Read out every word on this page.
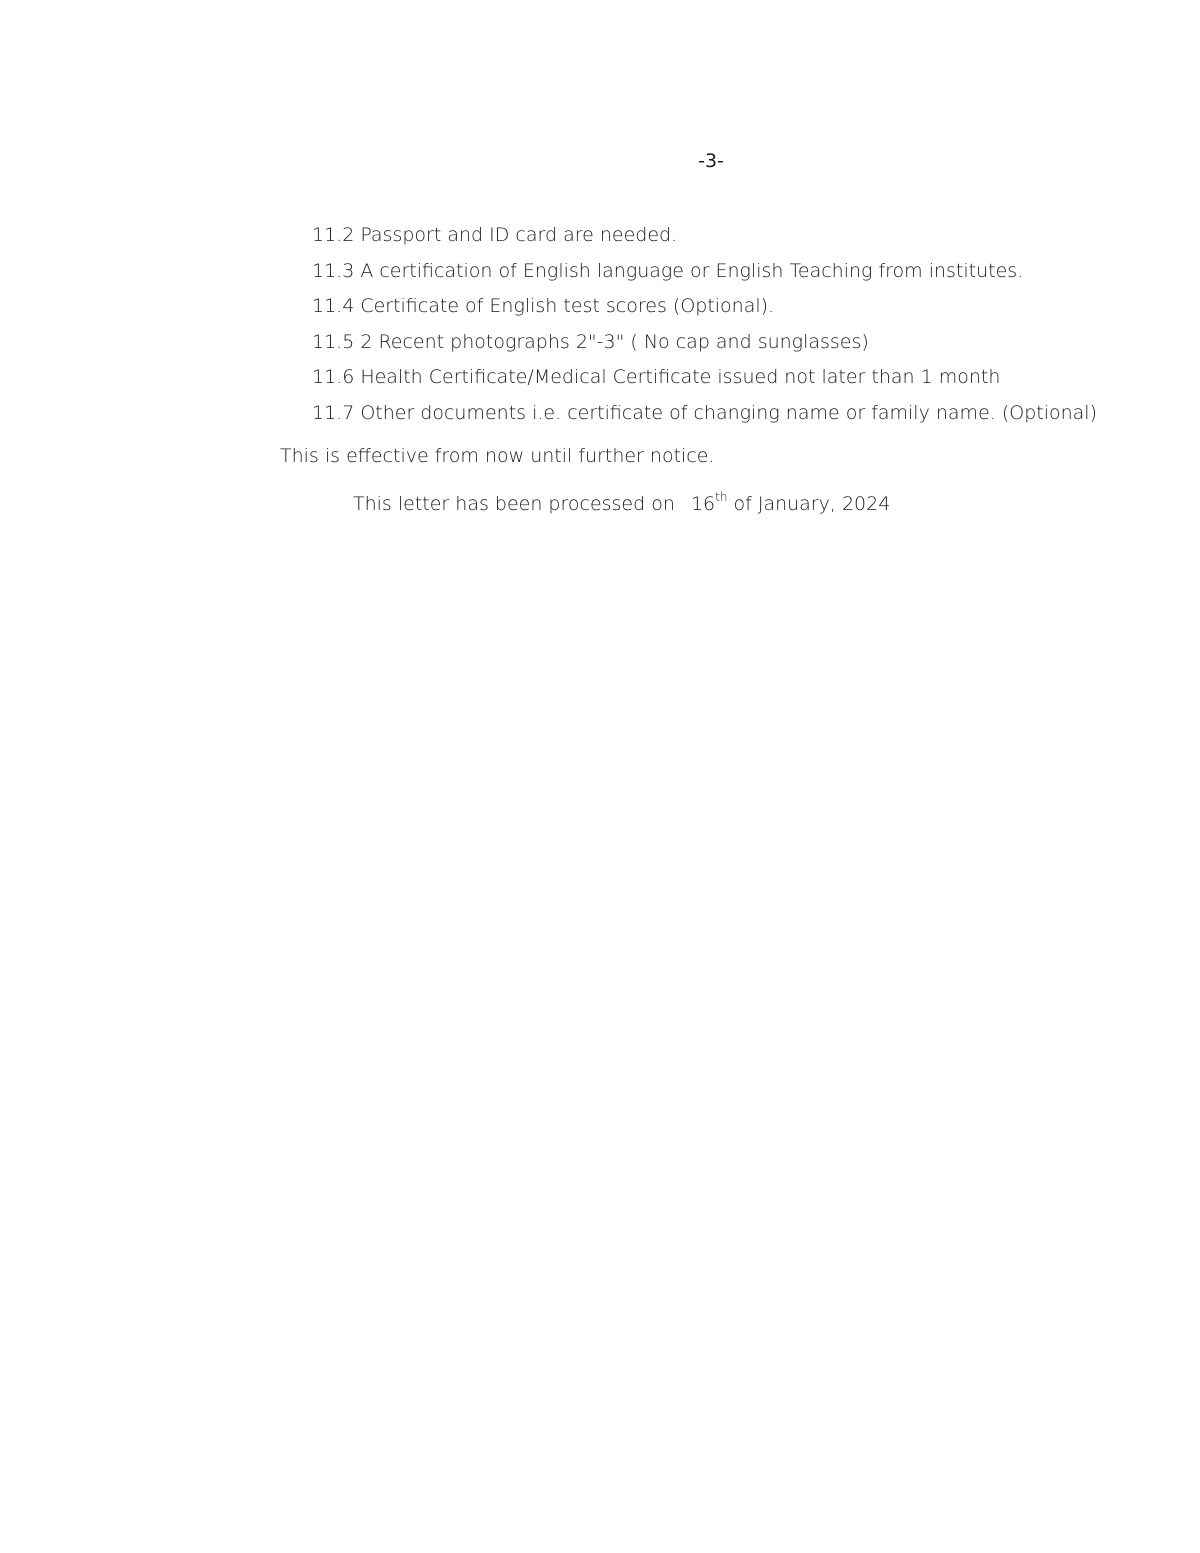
-3-
11.2 Passport and ID card are needed.
11.3 A certification of English language or English Teaching from institutes.
11.4 Certificate of English test scores (Optional).
11.5 2 Recent photographs 2"-3" ( No cap and sunglasses)
11.6 Health Certificate/Medical Certificate issued not later than 1 month
11.7 Other documents i.e. certificate of changing name or family name. (Optional)
This is effective from now until further notice.
This letter has been processed on 16th of January, 2024
